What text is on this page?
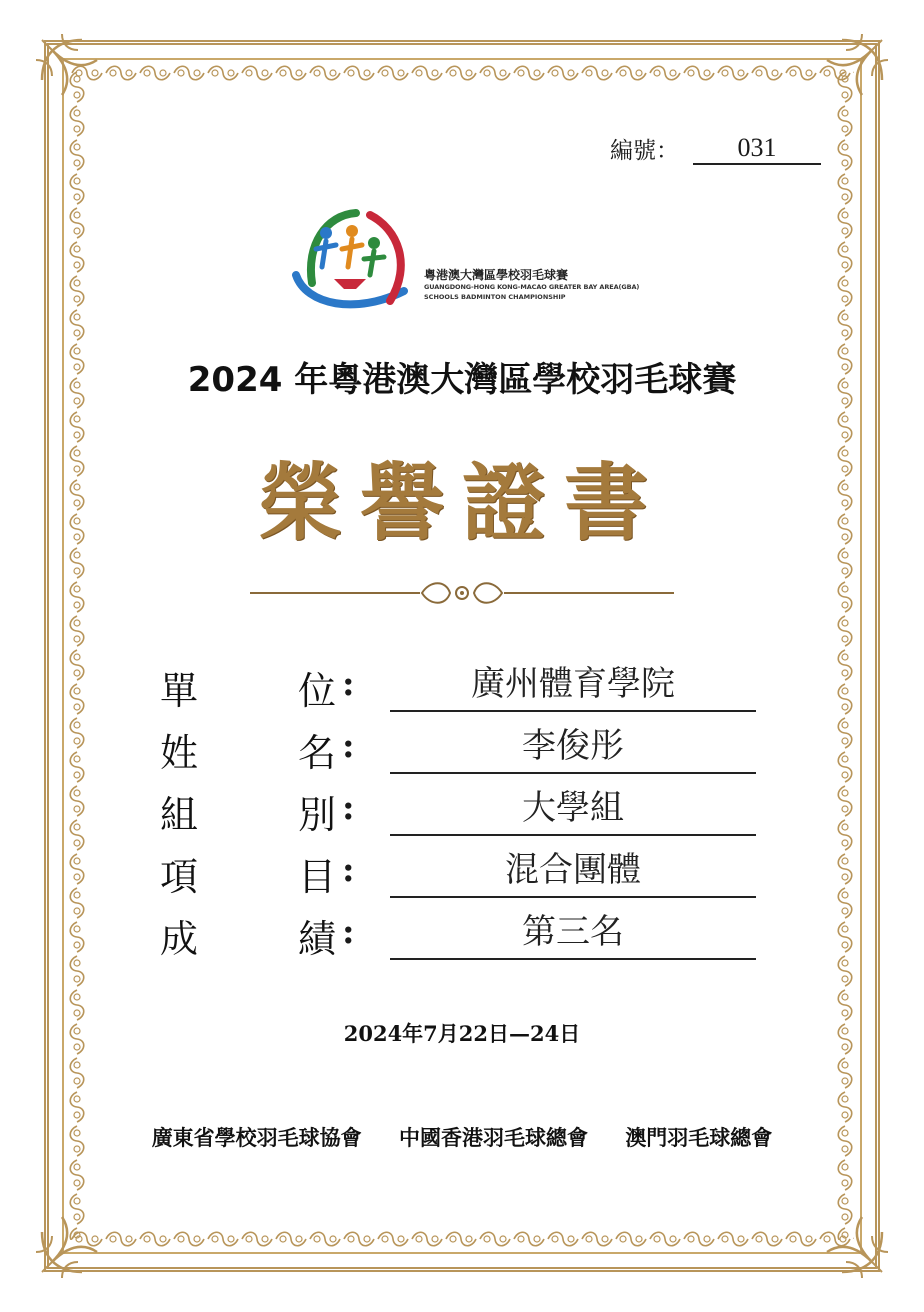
編號：	031
粵港澳大灣區學校羽毛球賽
GUANGDONG-HONG KONG-MACAO GREATER BAY AREA(GBA)
SCHOOLS BADMINTON CHAMPIONSHIP
2024 年粵港澳大灣區學校羽毛球賽
榮譽證書
單	位 :	廣州體育學院
姓	名 :	李俊彤
組	別 :	大學組
項	目 :	混合團體
成	績 :	第三名
2024年7月22日—24日
廣東省學校羽毛球協會 中國香港羽毛球總會 澳門羽毛球總會
